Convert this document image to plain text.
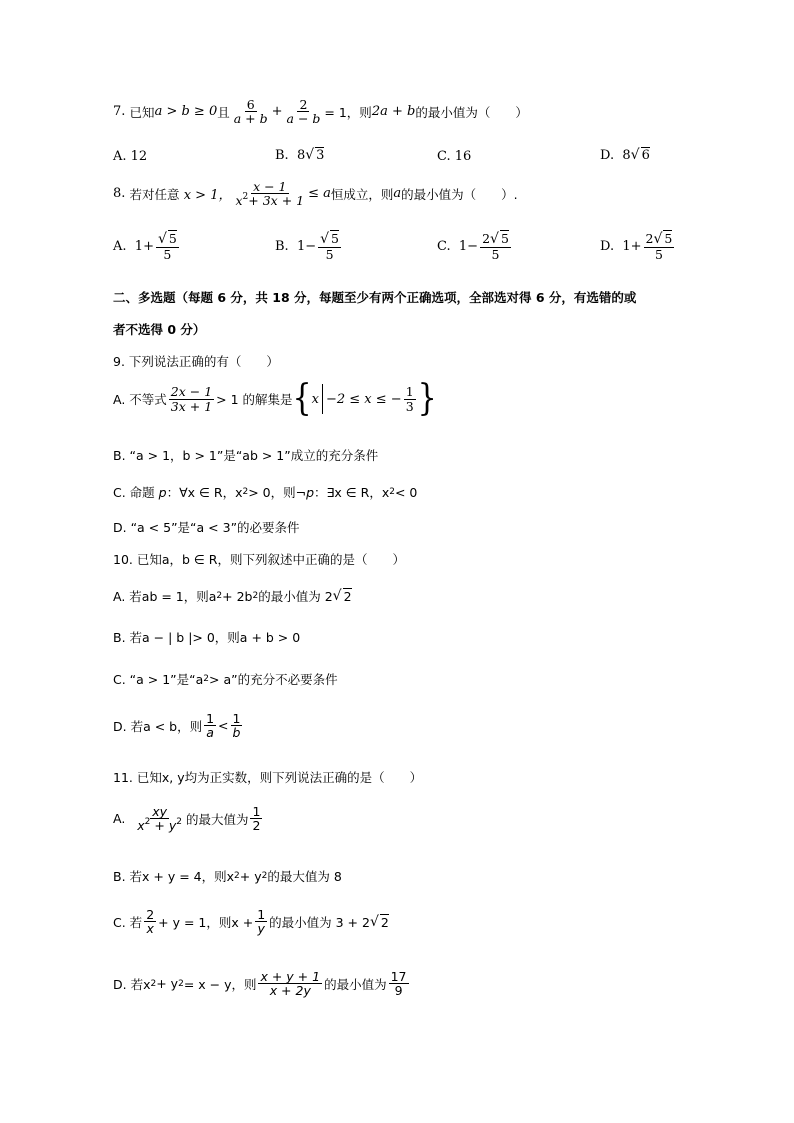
7.
已知 a > b ≥ 0 且 $\frac{6}{a + b} + \frac{2}{a - b} = 1$，则 2a + b 的最小值为（　　）
A. 12	B.
8 √ 3	C. 16	D.
8 √ 6
8.
若对任意
x > 1， $\frac{x - 1}{x^2+ 3x + 1} \le a$ 恒成立，则 a 的最小值为（　　）.
A.
$1+ \frac{√ 5}{5}$	B.
$1- \frac{√ 5}{5}$	C.
$1- \frac{2√ 5}{5}$	D.
$1+ \frac{2√ 5}{5}$
二、多选题（每题 6 分，共 18 分，每题至少有两个正确选项，全部选对得 6 分，有选错的或
者不选得 0 分）
9. 下列说法正确的有（　　）
A. 不等式 $\frac{2x - 1}{3x + 1} > 1$ 的解集是 { x −2 ≤ x ≤ − $\frac{1}{3}$ }
B. “a > 1，b > 1”是“ab > 1”成立的充分条件
C. 命题
p ：∀x ∈ R，x 2 > 0，则¬ p ：∃x ∈ R，x 2 < 0
D. “a < 5”是“a < 3”的必要条件
10. 已知a，b ∈ R，则下列叙述中正确的是（　　）
A. 若ab = 1，则a 2 + 2b 2 的最小值为 2 √ 2
B. 若a − | b |> 0，则a + b > 0
C. “a > 1”是“a 2 > a”的充分不必要条件
D. 若a < b，则 $\frac{1}{a} < \frac{1}{b}$
11. 已知x, y均为正实数，则下列说法正确的是（　　）
A.
$\frac{xy}{x^2 + y^2}$ 的最大值为 $\frac{1}{2}$
B. 若x + y = 4，则x 2 + y 2 的最大值为 8
C. 若 $\frac{2}{x} + y = 1$，则$x + \frac{1}{y}$ 的最小值为 3 + 2 √ 2
D. 若x 2 + y 2 = x − y，则 $\frac{x + y + 1}{x + 2y}$ 的最小值为 $\frac{17}{9}$
